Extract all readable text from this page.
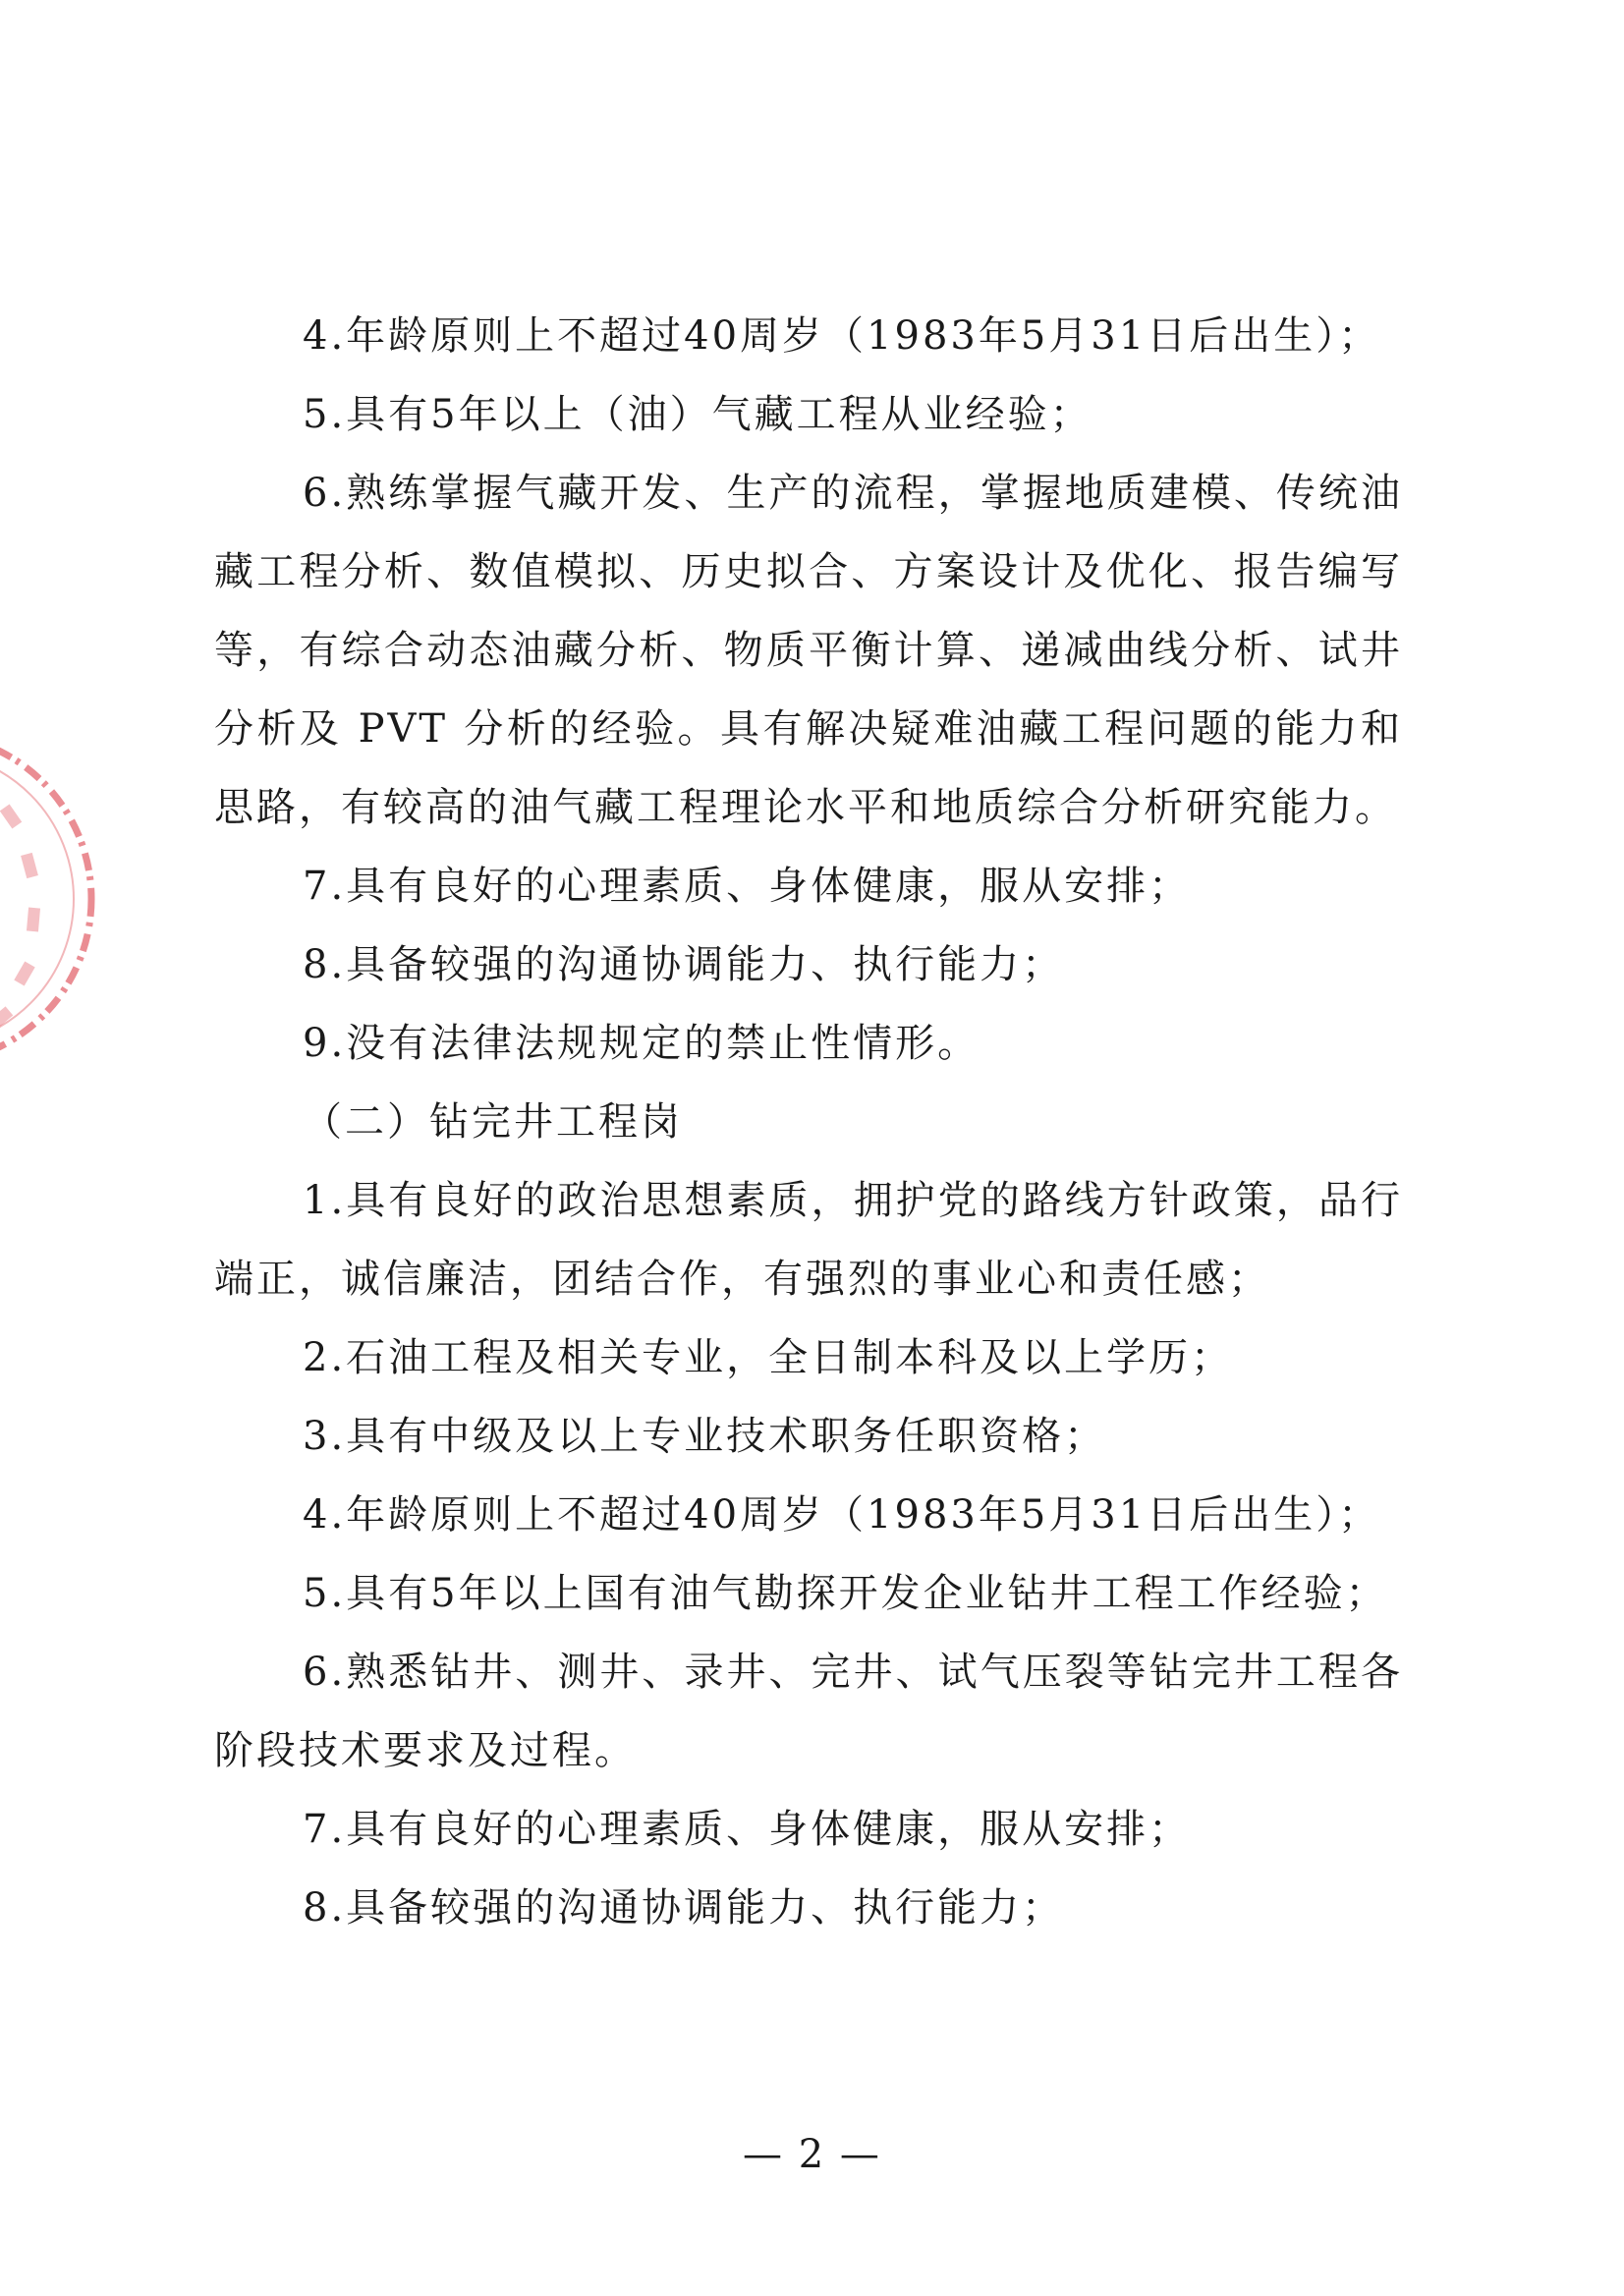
4.年龄原则上不超过40周岁（1983年5月31日后出生）；

5.具有5年以上（油）气藏工程从业经验；

6.熟练掌握气藏开发、生产的流程，掌握地质建模、传统油藏工程分析、数值模拟、历史拟合、方案设计及优化、报告编写等，有综合动态油藏分析、物质平衡计算、递减曲线分析、试井分析及 PVT 分析的经验。具有解决疑难油藏工程问题的能力和思路，有较高的油气藏工程理论水平和地质综合分析研究能力。

7.具有良好的心理素质、身体健康，服从安排；

8.具备较强的沟通协调能力、执行能力；

9.没有法律法规规定的禁止性情形。

（二）钻完井工程岗

1.具有良好的政治思想素质，拥护党的路线方针政策，品行端正，诚信廉洁，团结合作，有强烈的事业心和责任感；

2.石油工程及相关专业，全日制本科及以上学历；

3.具有中级及以上专业技术职务任职资格；

4.年龄原则上不超过40周岁（1983年5月31日后出生）；

5.具有5年以上国有油气勘探开发企业钻井工程工作经验；

6.熟悉钻井、测井、录井、完井、试气压裂等钻完井工程各阶段技术要求及过程。

7.具有良好的心理素质、身体健康，服从安排；

8.具备较强的沟通协调能力、执行能力；

— 2 —
